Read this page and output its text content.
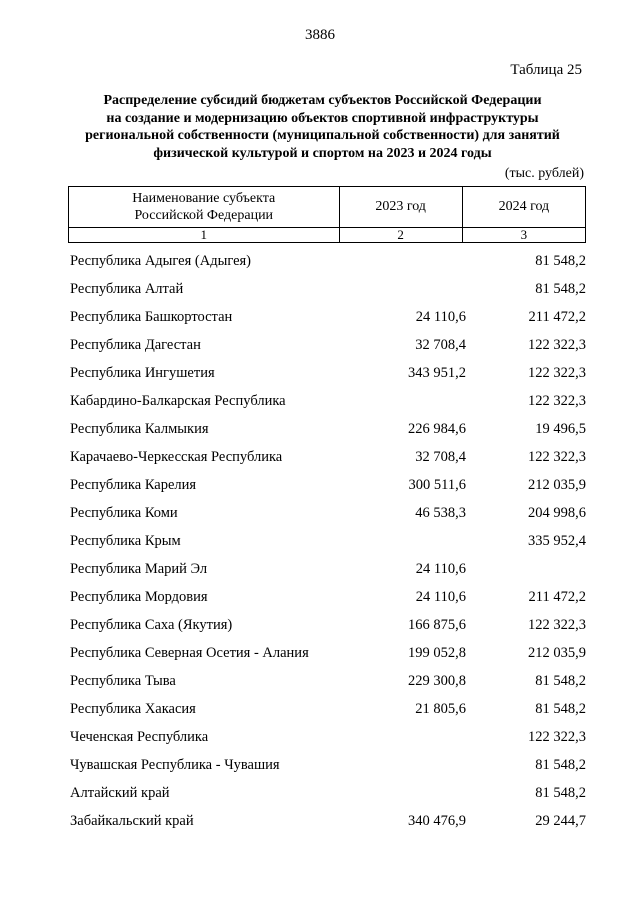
3886
Таблица 25
Распределение субсидий бюджетам субъектов Российской Федерации
на создание и модернизацию объектов спортивной инфраструктуры
региональной собственности (муниципальной собственности) для занятий
физической культурой и спортом на 2023 и 2024 годы
(тыс. рублей)
Наименование субъекта
Российской Федерации	2023 год	2024 год
1	2	3
Республика Адыгея (Адыгея)		81 548,2
Республика Алтай		81 548,2
Республика Башкортостан	24 110,6	211 472,2
Республика Дагестан	32 708,4	122 322,3
Республика Ингушетия	343 951,2	122 322,3
Кабардино-Балкарская Республика		122 322,3
Республика Калмыкия	226 984,6	19 496,5
Карачаево-Черкесская Республика	32 708,4	122 322,3
Республика Карелия	300 511,6	212 035,9
Республика Коми	46 538,3	204 998,6
Республика Крым		335 952,4
Республика Марий Эл	24 110,6	
Республика Мордовия	24 110,6	211 472,2
Республика Саха (Якутия)	166 875,6	122 322,3
Республика Северная Осетия - Алания	199 052,8	212 035,9
Республика Тыва	229 300,8	81 548,2
Республика Хакасия	21 805,6	81 548,2
Чеченская Республика		122 322,3
Чувашская Республика - Чувашия		81 548,2
Алтайский край		81 548,2
Забайкальский край	340 476,9	29 244,7
